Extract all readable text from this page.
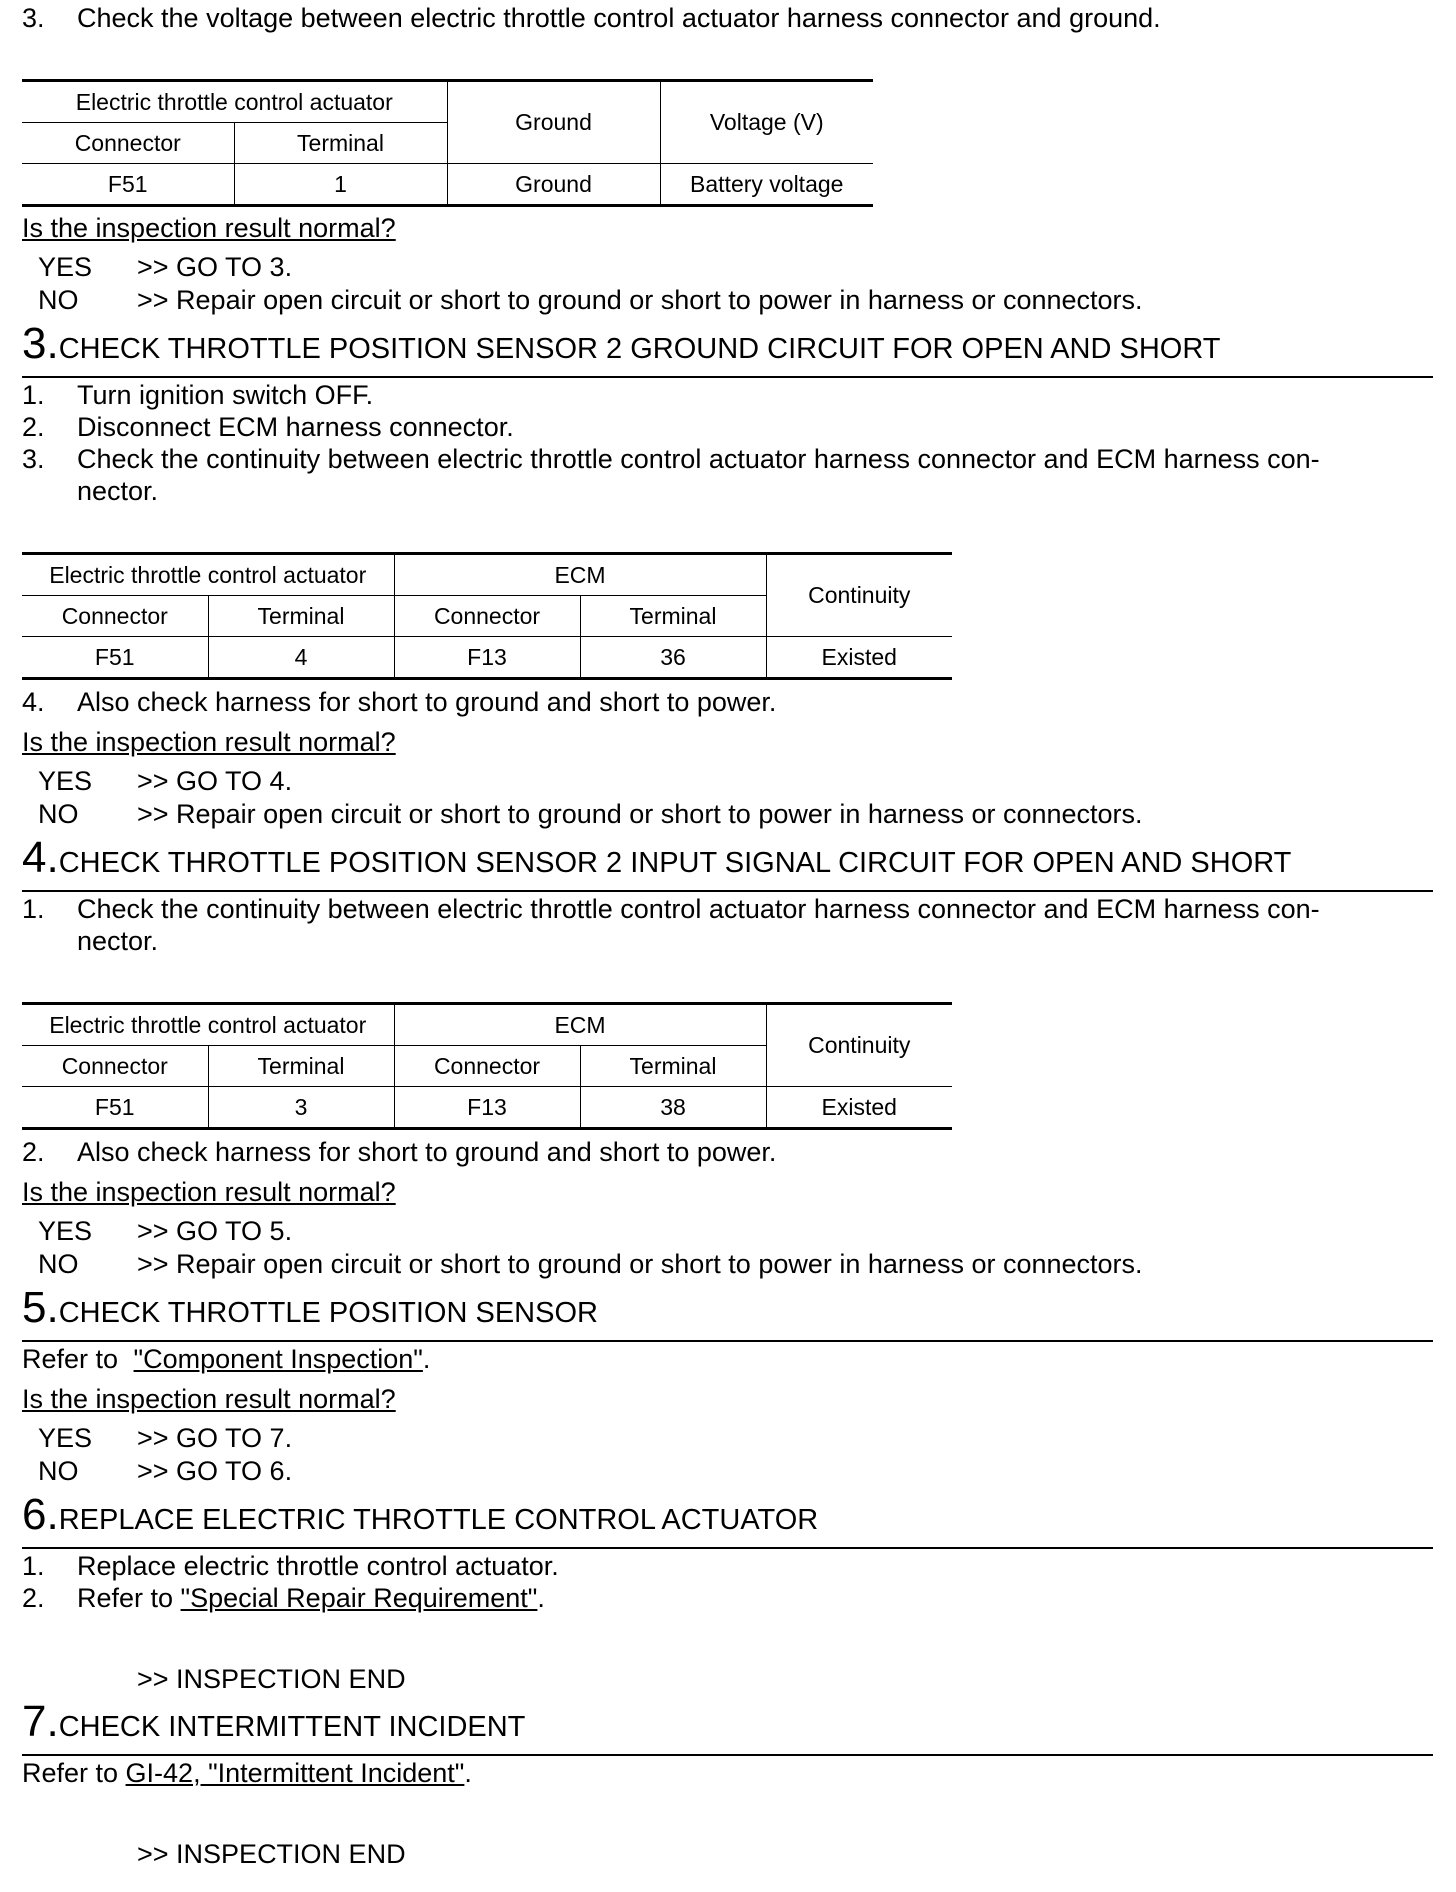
3. Check the voltage between electric throttle control actuator harness connector and ground.
Electric throttle control actuator		Ground	Voltage (V)
Connector	Terminal		
F51	1	Ground	Battery voltage
Is the inspection result normal?
YES >> GO TO 3.
NO >> Repair open circuit or short to ground or short to power in harness or connectors.
3. CHECK THROTTLE POSITION SENSOR 2 GROUND CIRCUIT FOR OPEN AND SHORT
1. Turn ignition switch OFF.
2. Disconnect ECM harness connector.
3. Check the continuity between electric throttle control actuator harness connector and ECM harness con-
nector.
Electric throttle control actuator		ECM		Continuity
Connector	Terminal	Connector	Terminal	
F51	4	F13	36	Existed
4. Also check harness for short to ground and short to power.
Is the inspection result normal?
YES >> GO TO 4.
NO >> Repair open circuit or short to ground or short to power in harness or connectors.
4. CHECK THROTTLE POSITION SENSOR 2 INPUT SIGNAL CIRCUIT FOR OPEN AND SHORT
1. Check the continuity between electric throttle control actuator harness connector and ECM harness con-
nector.
Electric throttle control actuator		ECM		Continuity
Connector	Terminal	Connector	Terminal	
F51	3	F13	38	Existed
2. Also check harness for short to ground and short to power.
Is the inspection result normal?
YES >> GO TO 5.
NO >> Repair open circuit or short to ground or short to power in harness or connectors.
5. CHECK THROTTLE POSITION SENSOR
Refer to "Component Inspection".
Is the inspection result normal?
YES >> GO TO 7.
NO >> GO TO 6.
6. REPLACE ELECTRIC THROTTLE CONTROL ACTUATOR
1. Replace electric throttle control actuator.
2. Refer to "Special Repair Requirement".
>> INSPECTION END
7. CHECK INTERMITTENT INCIDENT
Refer to GI-42, "Intermittent Incident".
>> INSPECTION END
